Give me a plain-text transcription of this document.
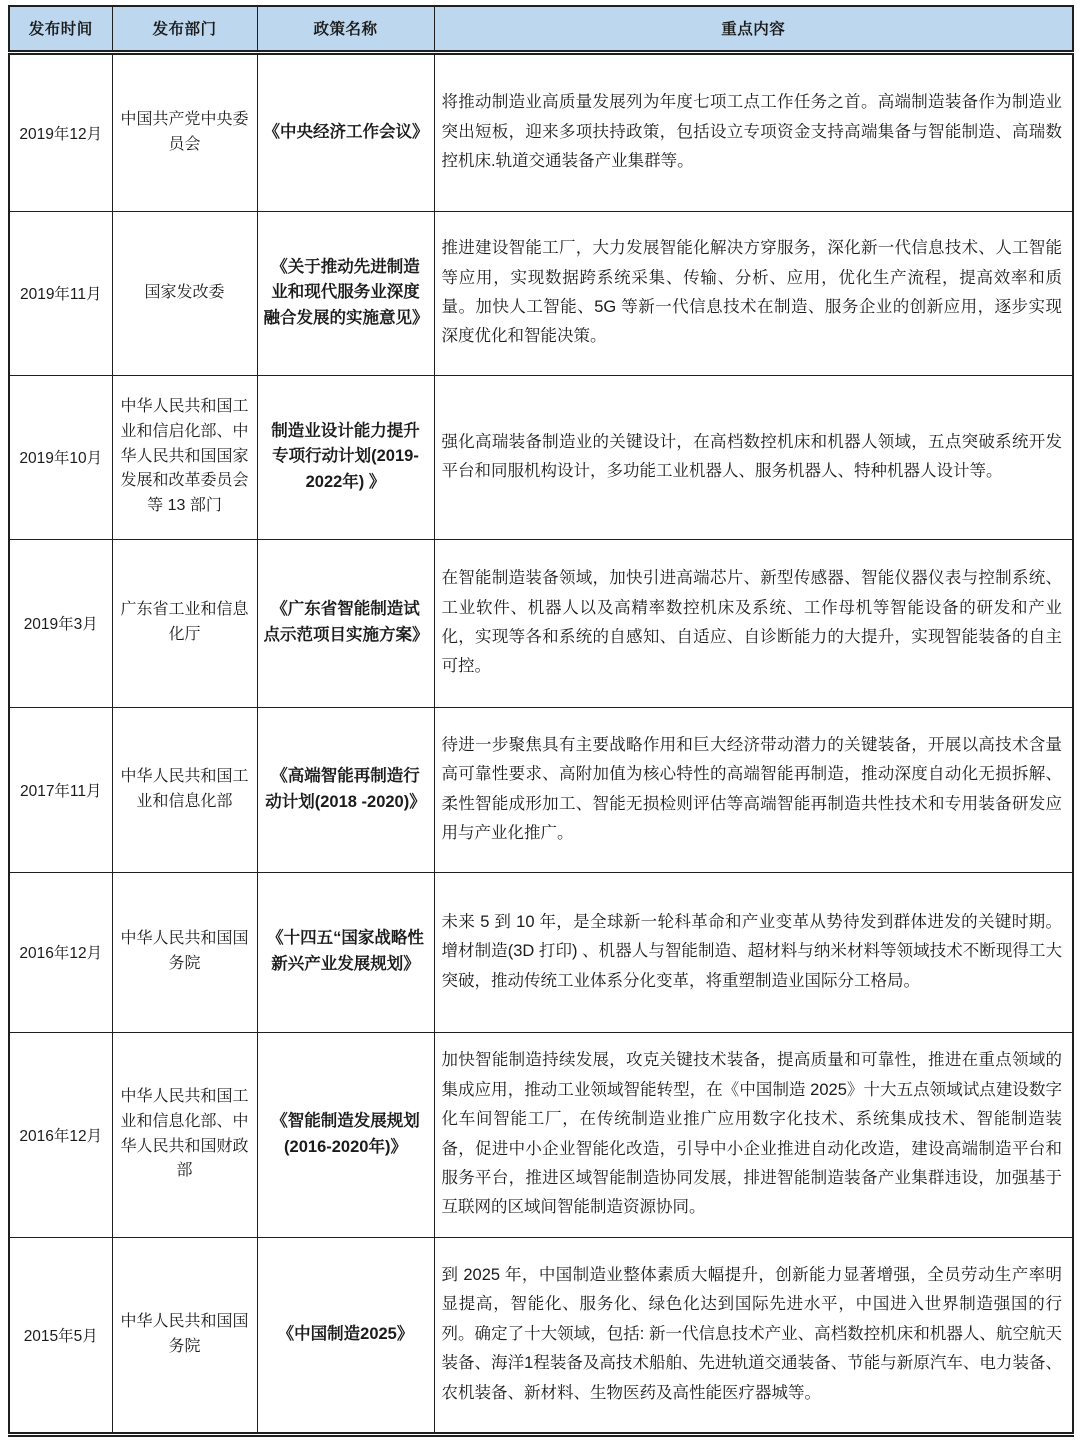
发布时间	发布部门	政策名称	重点内容
2019年12月	中国共产党中央委员会	《中央经济工作会议》	将推动制造业高质量发展列为年度七项工点工作任务之首。高端制造装备作为制造业突出短板，迎来多项扶持政策，包括设立专项资金支持高端集备与智能制造、高瑞数控机床.轨道交通装备产业集群等。
2019年11月	国家发改委	《关于推动先进制造业和现代服务业深度融合发展的实施意见》	推进建设智能工厂，大力发展智能化解决方穿服务，深化新一代信息技术、人工智能等应用，实现数据跨系统采集、传输、分析、应用，优化生产流程，提高效率和质量。加快人工智能、5G 等新一代信息技术在制造、服务企业的创新应用，逐步实现深度优化和智能决策。
2019年10月	中华人民共和国工业和信启化部、中华人民共和国国家发展和改革委员会等 13 部门	制造业设计能力提升专项行动计划(2019-2022年) 》	强化高瑞装备制造业的关键设计，在高档数控机床和机器人领域，五点突破系统开发平台和同服机构设计，多功能工业机器人、服务机器人、特种机器人设计等。
2019年3月	广东省工业和信息化厅	《广东省智能制造试点示范项目实施方案》	在智能制造装备领域，加快引进高端芯片、新型传感器、智能仪器仪表与控制系统、工业软件、机器人以及高精率数控机床及系统、工作母机等智能设备的研发和产业化，实现等各和系统的自感知、自适应、自诊断能力的大提升，实现智能装备的自主可控。
2017年11月	中华人民共和国工业和信息化部	《高端智能再制造行动计划(2018 -2020)》	待进一步聚焦具有主要战略作用和巨大经济带动潜力的关键装备，开展以高技术含量高可靠性要求、高附加值为核心特性的高端智能再制造，推动深度自动化无损拆解、柔性智能成形加工、智能无损检则评估等高端智能再制造共性技术和专用装备研发应用与产业化推广。
2016年12月	中华人民共和国国务院	《十四五“国家战略性新兴产业发展规划》	未来 5 到 10 年，是全球新一轮科革命和产业变革从势待发到群体进发的关键时期。增材制造(3D 打印) 、机器人与智能制造、超材料与纳米材料等领域技术不断现得工大突破，推动传统工业体系分化变革，将重塑制造业国际分工格局。
2016年12月	中华人民共和国工业和信息化部、中华人民共和国财政部	《智能制造发展规划(2016-2020年)》	加快智能制造持续发展，攻克关键技术装备，提高质量和可靠性，推进在重点领域的集成应用，推动工业领域智能转型，在《中国制造 2025》十大五点领域试点建设数字化车间智能工厂，在传统制造业推广应用数字化技术、系统集成技术、智能制造装备，促进中小企业智能化改造，引导中小企业推进自动化改造，建设高端制造平台和服务平台，推进区域智能制造协同发展，排进智能制造装备产业集群违设，加强基于互联网的区域间智能制造资源协同。
2015年5月	中华人民共和国国务院	《中国制造2025》	到 2025 年，中国制造业整体素质大幅提升，创新能力显著增强，全员劳动生产率明显提高，智能化、服务化、绿色化达到国际先进水平，中国进入世界制造强国的行列。确定了十大领域，包括: 新一代信息技术产业、高档数控机床和机器人、航空航天装备、海洋1程装备及高技术船舶、先进轨道交通装备、节能与新原汽车、电力装备、农机装备、新材料、生物医药及高性能医疗器城等。
